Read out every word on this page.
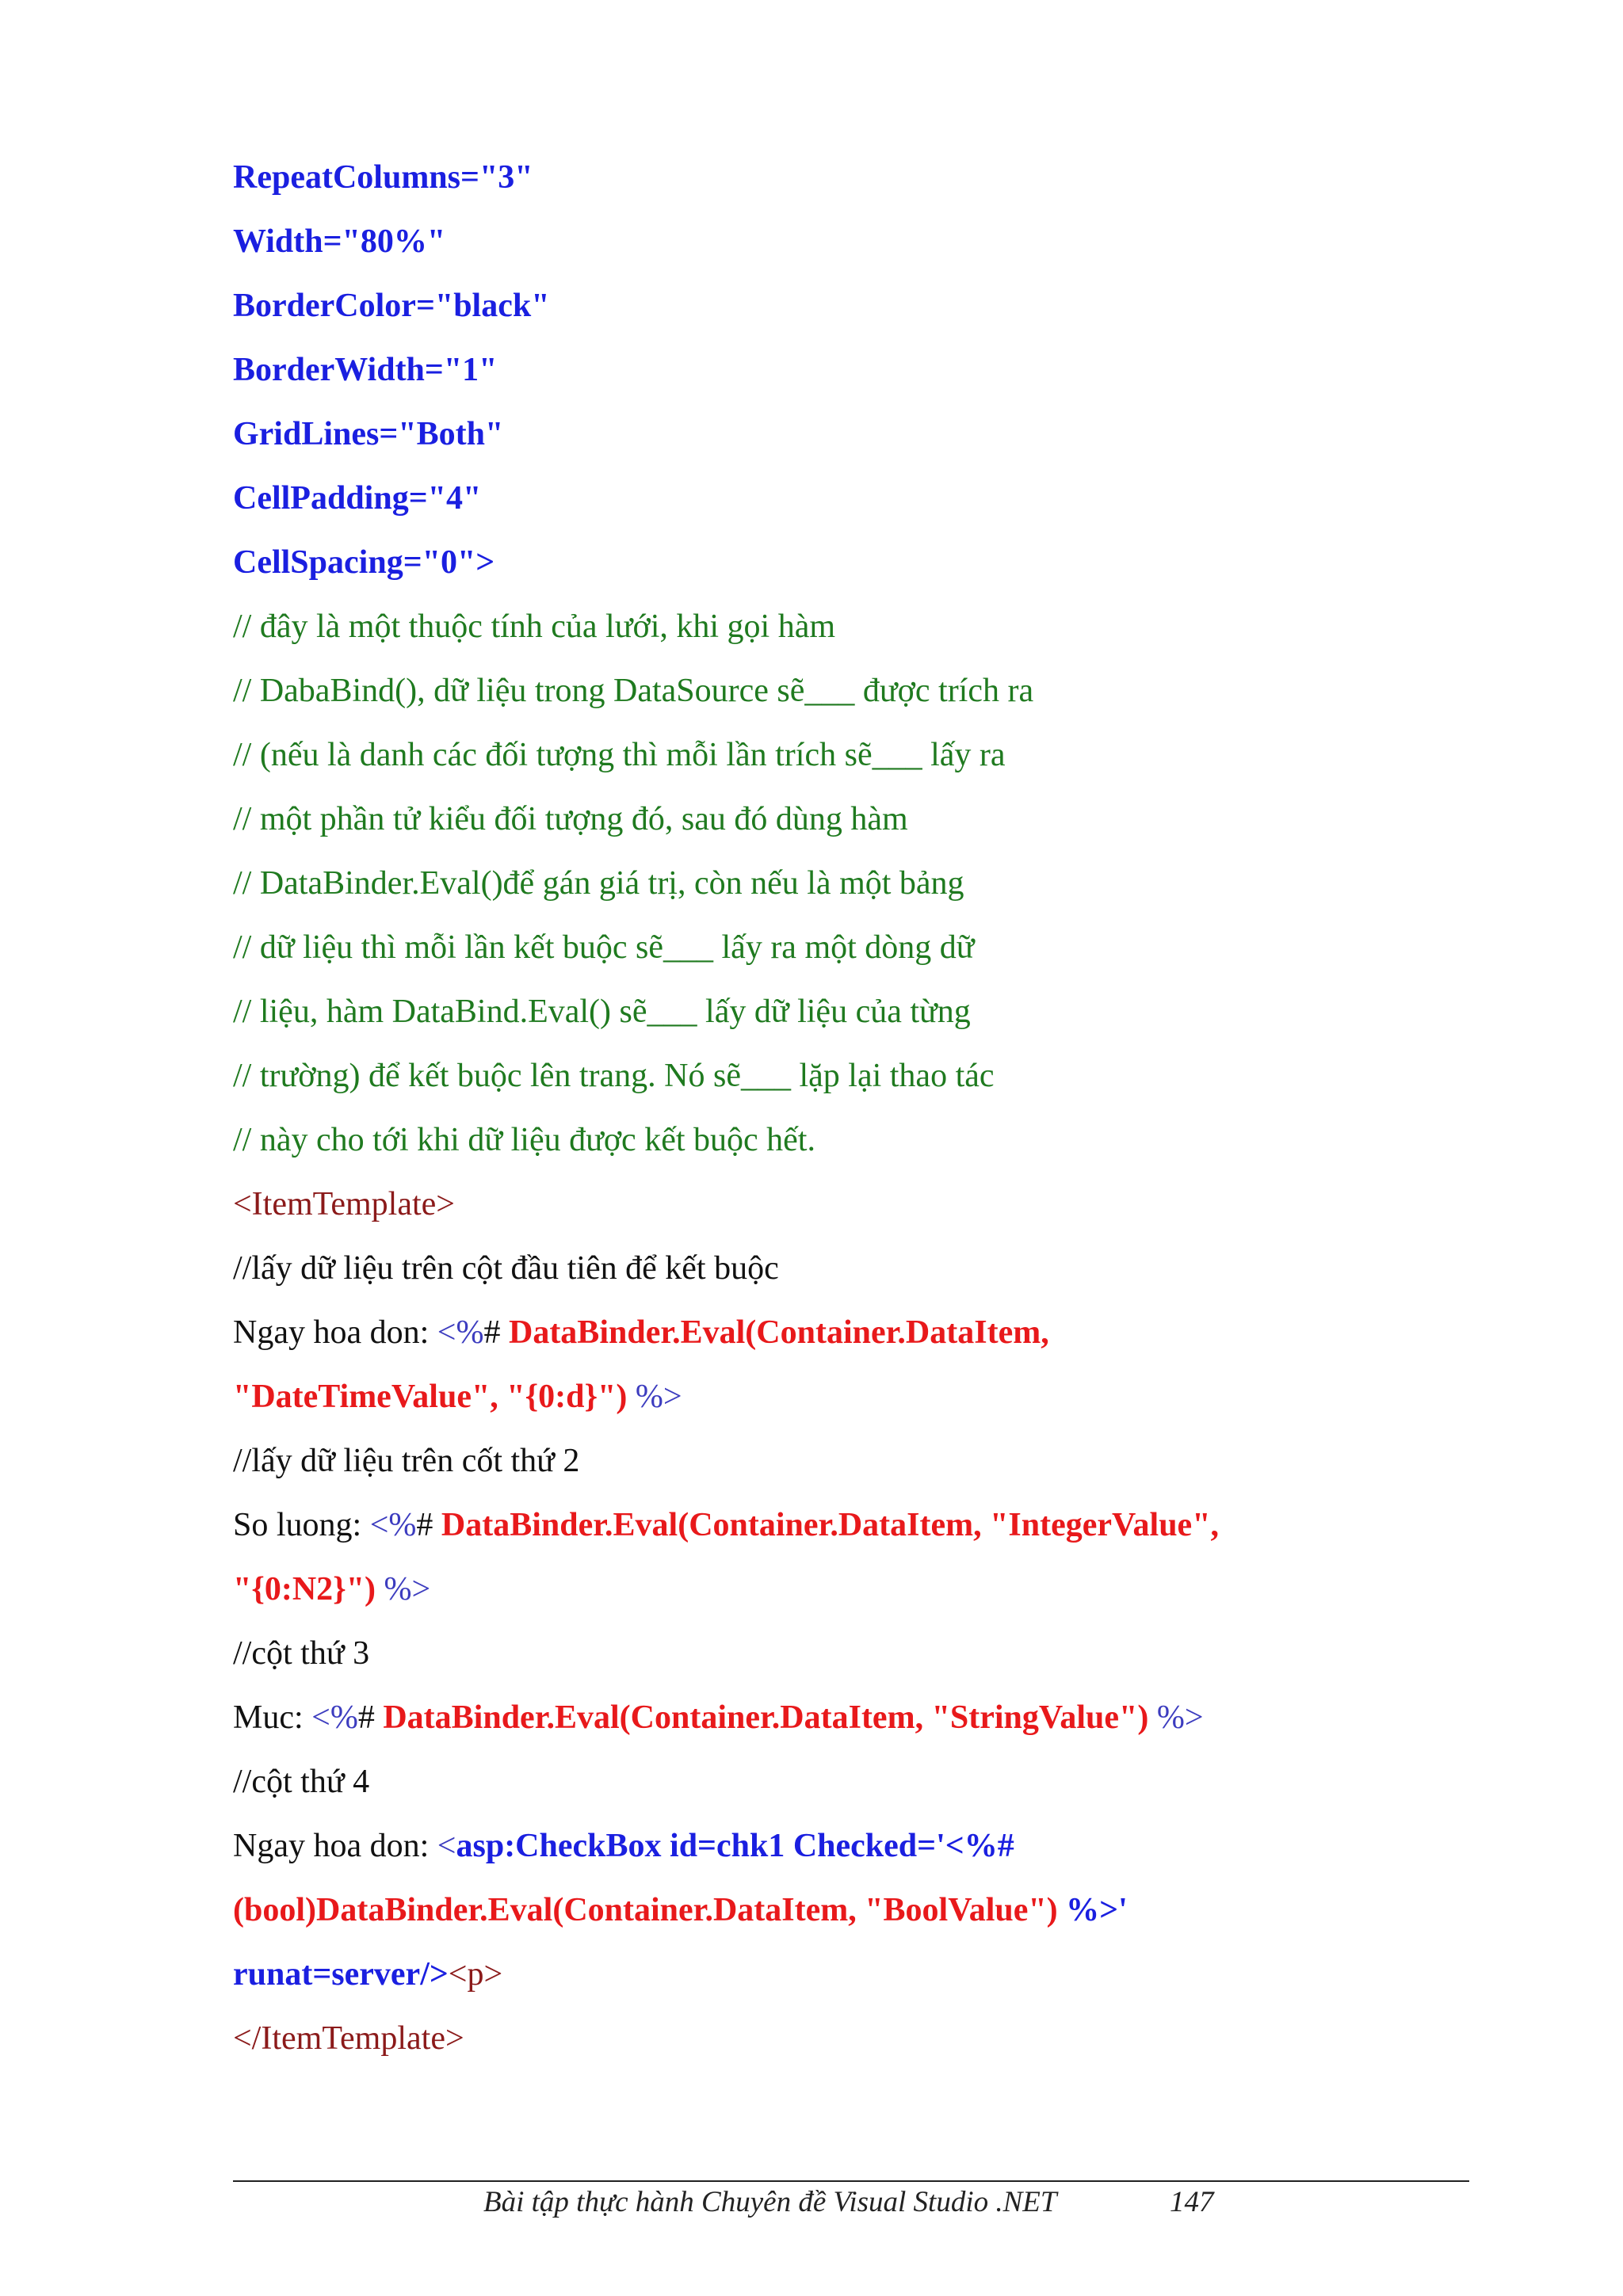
RepeatColumns="3"
Width="80%"
BorderColor="black"
BorderWidth="1"
GridLines="Both"
CellPadding="4"
CellSpacing="0">
// đây là một thuộc tính của lưới, khi gọi hàm
// DabaBind(), dữ liệu trong DataSource sẽ___ được trích ra
// (nếu là danh các đối tượng thì mỗi lần trích sẽ___ lấy ra
// một phần tử kiểu đối tượng đó, sau đó dùng hàm
// DataBinder.Eval()để gán giá trị, còn nếu là một bảng
// dữ liệu thì mỗi lần kết buộc sẽ___ lấy ra một dòng dữ
// liệu, hàm DataBind.Eval() sẽ___ lấy dữ liệu của từng
// trường) để kết buộc lên trang. Nó sẽ___ lặp lại thao tác
// này cho tới khi dữ liệu được kết buộc hết.
<ItemTemplate>
//lấy dữ liệu trên cột đầu tiên để kết buộc
Ngay hoa don: <%# DataBinder.Eval(Container.DataItem,
"DateTimeValue", "{0:d}") %>
//lấy dữ liệu trên cốt thứ 2
So luong: <%# DataBinder.Eval(Container.DataItem, "IntegerValue",
"{0:N2}") %>
//cột thứ 3
Muc: <%# DataBinder.Eval(Container.DataItem, "StringValue") %>
//cột thứ 4
Ngay hoa don: <asp:CheckBox id=chk1 Checked='<%#
(bool)DataBinder.Eval(Container.DataItem, "BoolValue") %>'
runat=server/><p>
</ItemTemplate>
Bài tập thực hành Chuyên đề Visual Studio .NET	147
